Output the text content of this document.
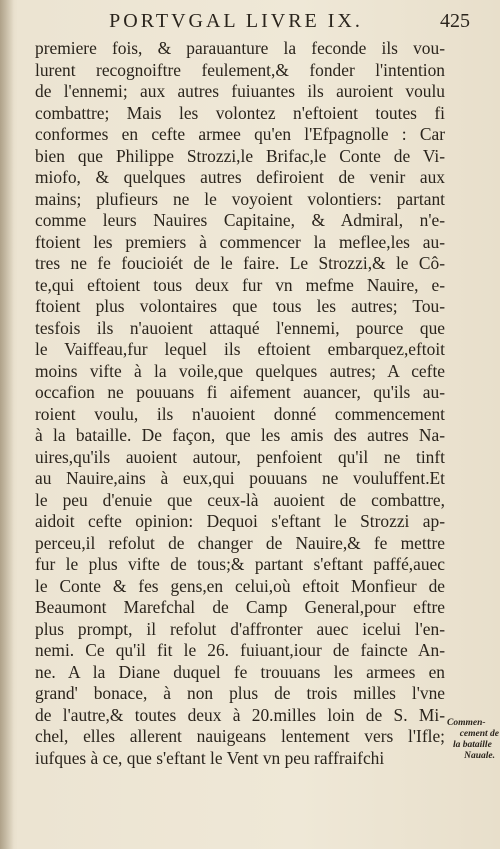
PORTVGAL LIVRE IX.	425
premiere fois, & parauanture la feconde ils vou-
lurent recognoiftre feulement,& fonder l'intention
de l'ennemi; aux autres fuiuantes ils auroient voulu
combattre; Mais les volontez n'eftoient toutes fi
conformes en cefte armee qu'en l'Efpagnolle : Car
bien que Philippe Strozzi,le Brifac,le Conte de Vi-
miofo, & quelques autres defiroient de venir aux
mains; plufieurs ne le voyoient volontiers: partant
comme leurs Nauires Capitaine, & Admiral, n'e-
ftoient les premiers à commencer la meflee,les au-
tres ne fe foucioiét de le faire. Le Strozzi,& le Cô-
te,qui eftoient tous deux fur vn mefme Nauire, e-
ftoient plus volontaires que tous les autres; Tou-
tesfois ils n'auoient attaqué l'ennemi, pource que
le Vaiffeau,fur lequel ils eftoient embarquez,eftoit
moins vifte à la voile,que quelques autres; A cefte
occafion ne pouuans fi aifement auancer, qu'ils au-
roient voulu, ils n'auoient donné commencement
à la bataille. De façon, que les amis des autres Na-
uires,qu'ils auoient autour, penfoient qu'il ne tinft
au Nauire,ains à eux,qui pouuans ne vouluffent.Et
le peu d'enuie que ceux-là auoient de combattre,
aidoit cefte opinion: Dequoi s'eftant le Strozzi ap-
perceu,il refolut de changer de Nauire,& fe mettre
fur le plus vifte de tous;& partant s'eftant paffé,auec
le Conte & fes gens,en celui,où eftoit Monfieur de
Beaumont Marefchal de Camp General,pour eftre
plus prompt, il refolut d'affronter auec icelui l'en-
nemi. Ce qu'il fit le 26. fuiuant,iour de faincte An-
ne. A la Diane duquel fe trouuans les armees en
grand' bonace, à non plus de trois milles l'vne
de l'autre,& toutes deux à 20.milles loin de S. Mi-
chel, elles allerent nauigeans lentement vers l'Ifle;
iufques à ce, que s'eftant le Vent vn peu raffraifchi
Commen-
cement de
la bataille
Nauale.
